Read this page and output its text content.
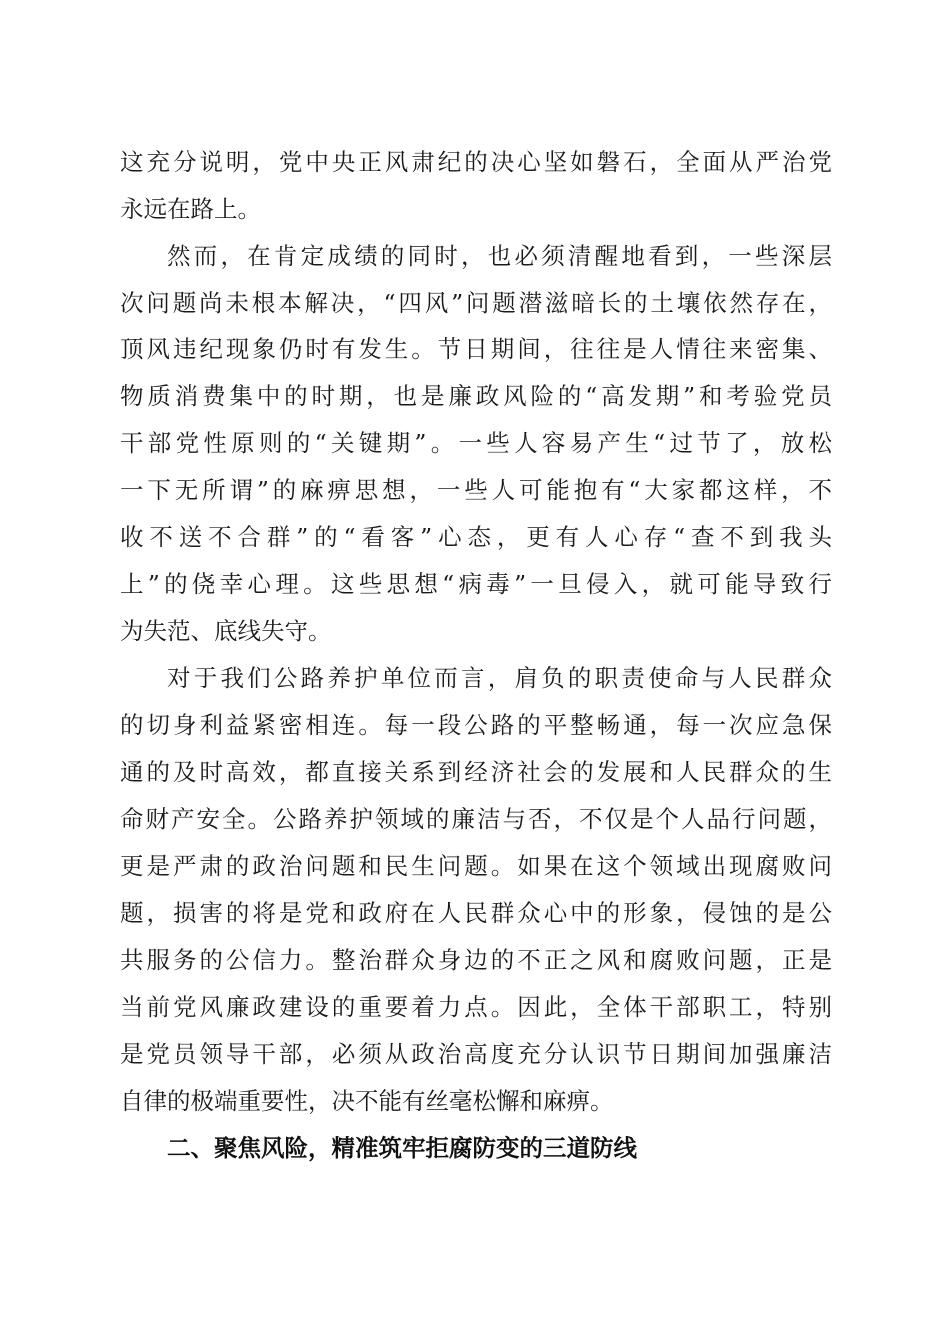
这充分说明，党中央正风肃纪的决心坚如磐石，全面从严治党

永远在路上。

然而，在肯定成绩的同时，也必须清醒地看到，一些深层

次问题尚未根本解决，“四风”问题潜滋暗长的土壤依然存在，

顶风违纪现象仍时有发生。节日期间，往往是人情往来密集、

物质消费集中的时期，也是廉政风险的“高发期”和考验党员

干部党性原则的“关键期”。一些人容易产生“过节了，放松

一下无所谓”的麻痹思想，一些人可能抱有“大家都这样，不

收不送不合群”的“看客”心态，更有人心存“查不到我头

上”的侥幸心理。这些思想“病毒”一旦侵入，就可能导致行

为失范、底线失守。

对于我们公路养护单位而言，肩负的职责使命与人民群众

的切身利益紧密相连。每一段公路的平整畅通，每一次应急保

通的及时高效，都直接关系到经济社会的发展和人民群众的生

命财产安全。公路养护领域的廉洁与否，不仅是个人品行问题，

更是严肃的政治问题和民生问题。如果在这个领域出现腐败问

题，损害的将是党和政府在人民群众心中的形象，侵蚀的是公

共服务的公信力。整治群众身边的不正之风和腐败问题，正是

当前党风廉政建设的重要着力点。因此，全体干部职工，特别

是党员领导干部，必须从政治高度充分认识节日期间加强廉洁

自律的极端重要性，决不能有丝毫松懈和麻痹。

二、聚焦风险，精准筑牢拒腐防变的三道防线
